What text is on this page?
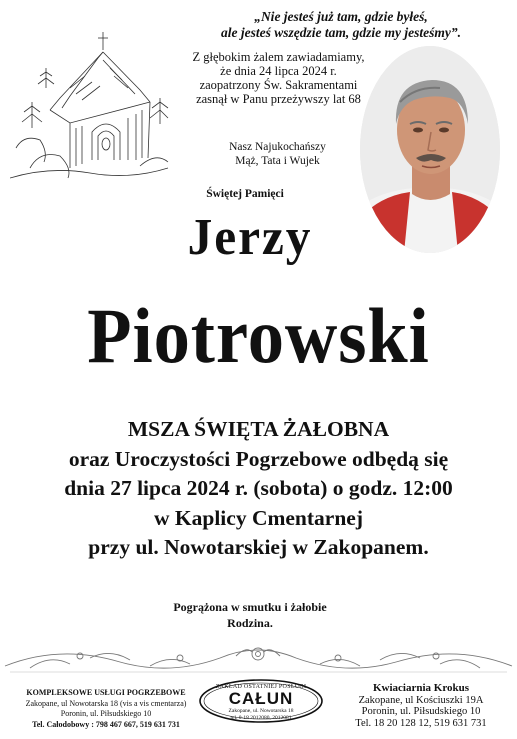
„Nie jesteś już tam, gdzie byłeś,
ale jesteś wszędzie tam, gdzie my jesteśmy”.
Z głębokim żalem zawiadamiamy,
że dnia 24 lipca 2024 r.
zaopatrzony Św. Sakramentami
zasnął w Panu przeżywszy lat 68
Nasz Najukochańszy
Mąż, Tata i Wujek
Świętej Pamięci
Jerzy
Piotrowski
MSZA ŚWIĘTA ŻAŁOBNA
oraz Uroczystości Pogrzebowe odbędą się
dnia 27 lipca 2024 r. (sobota) o godz. 12:00
w Kaplicy Cmentarnej
przy ul. Nowotarskiej w Zakopanem.
Pogrążona w smutku i żałobie
Rodzina.
KOMPLEKSOWE USŁUGI POGRZEBOWE
Zakopane, ul Nowotarska 18 (vis a vis cmentarza)
Poronin, ul. Piłsudskiego 10
Tel. Całodobowy : 798 467 667, 519 631 731
ZAKŁAD OSTATNIEJ POSŁUGI
CAŁUN
Zakopane, ul. Nowotarska 18
tel. 0-18 2012080, 2012081
Kwiaciarnia Krokus
Zakopane, ul Kościuszki 19A
Poronin, ul. Piłsudskiego 10
Tel. 18 20 128 12, 519 631 731
